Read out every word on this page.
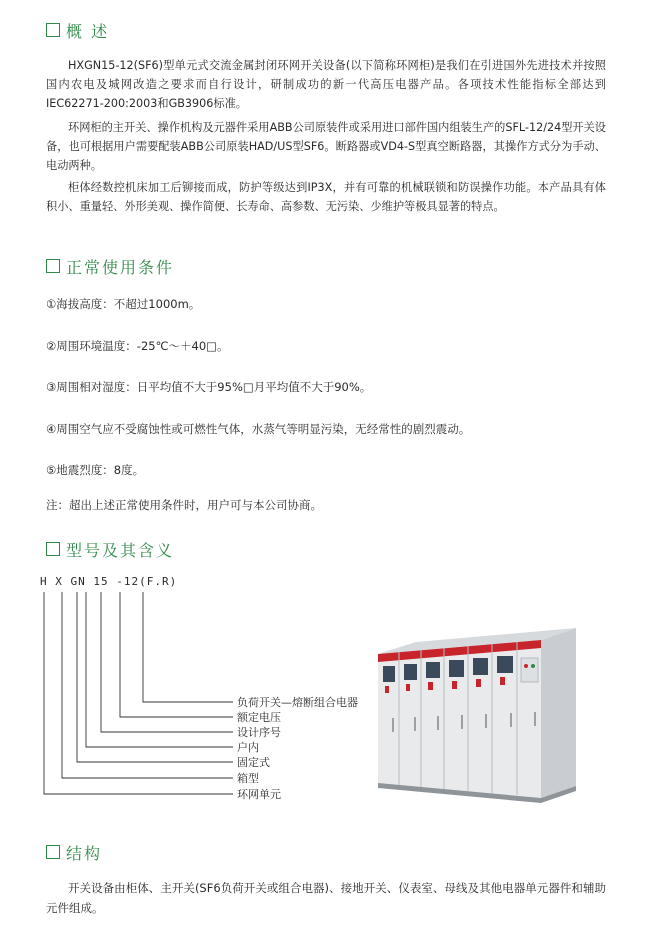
概 述

HXGN15-12(SF6)型单元式交流金属封闭环网开关设备(以下简称环网柜)是我们在引进国外先进技术并按照国内农电及城网改造之要求而自行设计，研制成功的新一代高压电器产品。各项技术性能指标全部达到IEC62271-200:2003和GB3906标准。

环网柜的主开关、操作机构及元器件采用ABB公司原装件或采用进口部件国内组装生产的SFL-12/24型开关设备，也可根据用户需要配装ABB公司原装HAD/US型SF6。断路器或VD4-S型真空断路器，其操作方式分为手动、电动两种。

柜体经数控机床加工后铆接而成，防护等级达到IP3X，并有可靠的机械联锁和防误操作功能。本产品具有体积小、重量轻、外形美观、操作简便、长寿命、高参数、无污染、少维护等极具显著的特点。

正常使用条件
①海拔高度：不超过1000m。
②周围环境温度：-25℃～＋40□。
③周围相对湿度：日平均值不大于95%□月平均值不大于90%。
④周围空气应不受腐蚀性或可燃性气体，水蒸气等明显污染，无经常性的剧烈震动。
⑤地震烈度：8度。
注：超出上述正常使用条件时，用户可与本公司协商。
型号及其含义
H X GN 15 -12(F.R)
负荷开关—熔断组合电器
额定电压
设计序号
户内
固定式
箱型
环网单元
结构

开关设备由柜体、主开关(SF6负荷开关或组合电器)、接地开关、仪表室、母线及其他电器单元器件和辅助元件组成。
